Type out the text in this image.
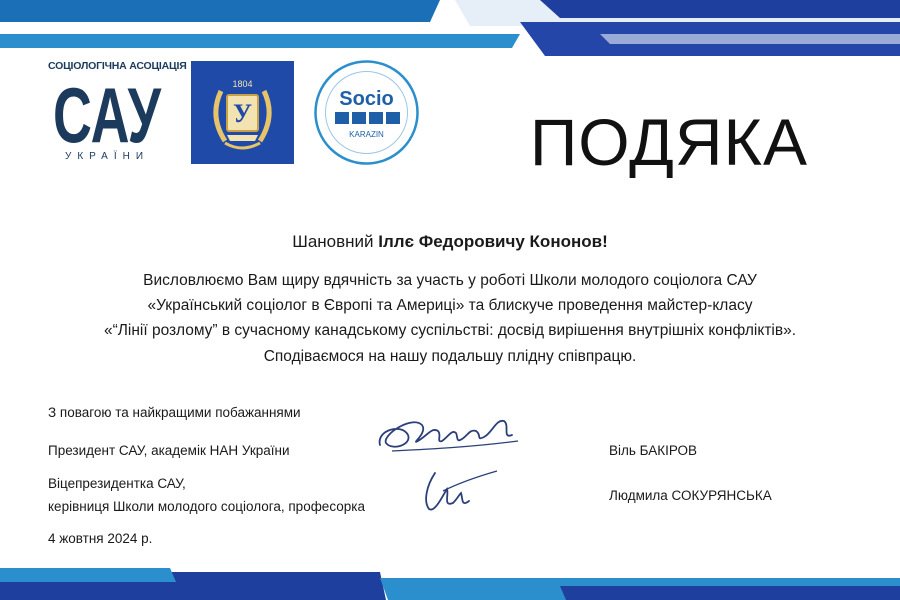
СОЦІОЛОГІЧНА АСОЦІАЦІЯ
САУ
УКРАЇНИ
У
1804
Socio
KARAZIN ПОДЯКА
Шановний Іллє Федоровичу Кононов!
Висловлюємо Вам щиру вдячність за участь у роботі Школи молодого соціолога САУ
«Український соціолог в Європі та Америці» та блискуче проведення майстер-класу
«“Лінії розлому” в сучасному канадському суспільстві: досвід вирішення внутрішніх конфліктів».
Сподіваємося на нашу подальшу плідну співпрацю.
З повагою та найкращими побажаннями
Президент САУ, академік НАН України
Віцепрезидентка САУ,
керівниця Школи молодого соціолога, професорка
4 жовтня 2024 р.
Віль БАКІРОВ
Людмила СОКУРЯНСЬКА
